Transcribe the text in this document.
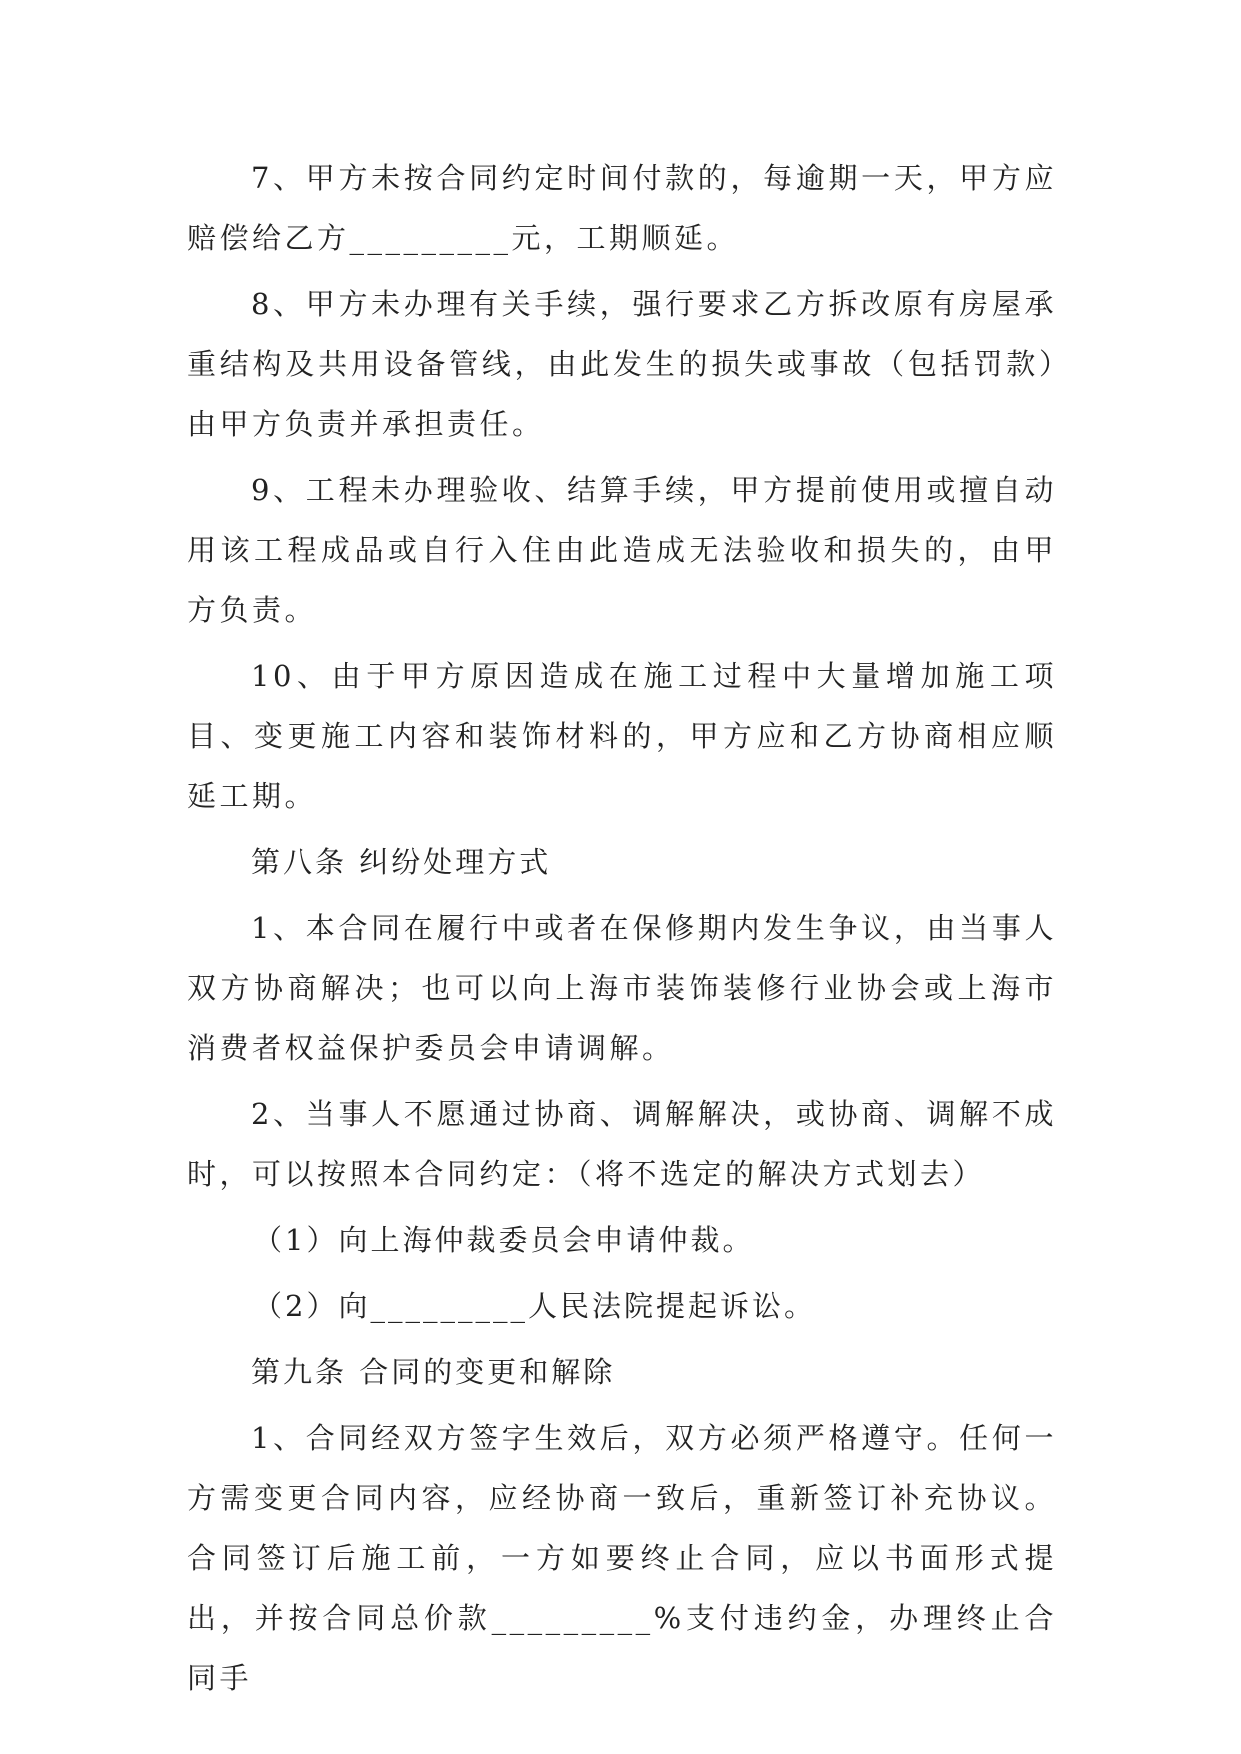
7、甲方未按合同约定时间付款的，每逾期一天，甲方应赔偿给乙方_________元，工期顺延。

8、甲方未办理有关手续，强行要求乙方拆改原有房屋承重结构及共用设备管线，由此发生的损失或事故（包括罚款）由甲方负责并承担责任。

9、工程未办理验收、结算手续，甲方提前使用或擅自动用该工程成品或自行入住由此造成无法验收和损失的，由甲方负责。

10、由于甲方原因造成在施工过程中大量增加施工项目、变更施工内容和装饰材料的，甲方应和乙方协商相应顺延工期。

第八条 纠纷处理方式

1、本合同在履行中或者在保修期内发生争议，由当事人双方协商解决；也可以向上海市装饰装修行业协会或上海市消费者权益保护委员会申请调解。

2、当事人不愿通过协商、调解解决，或协商、调解不成时，可以按照本合同约定：（将不选定的解决方式划去）

（1）向上海仲裁委员会申请仲裁。

（2）向_________人民法院提起诉讼。

第九条 合同的变更和解除

1、合同经双方签字生效后，双方必须严格遵守。任何一方需变更合同内容，应经协商一致后，重新签订补充协议。合同签订后施工前，一方如要终止合同，应以书面形式提出，并按合同总价款_________%支付违约金，办理终止合同手
